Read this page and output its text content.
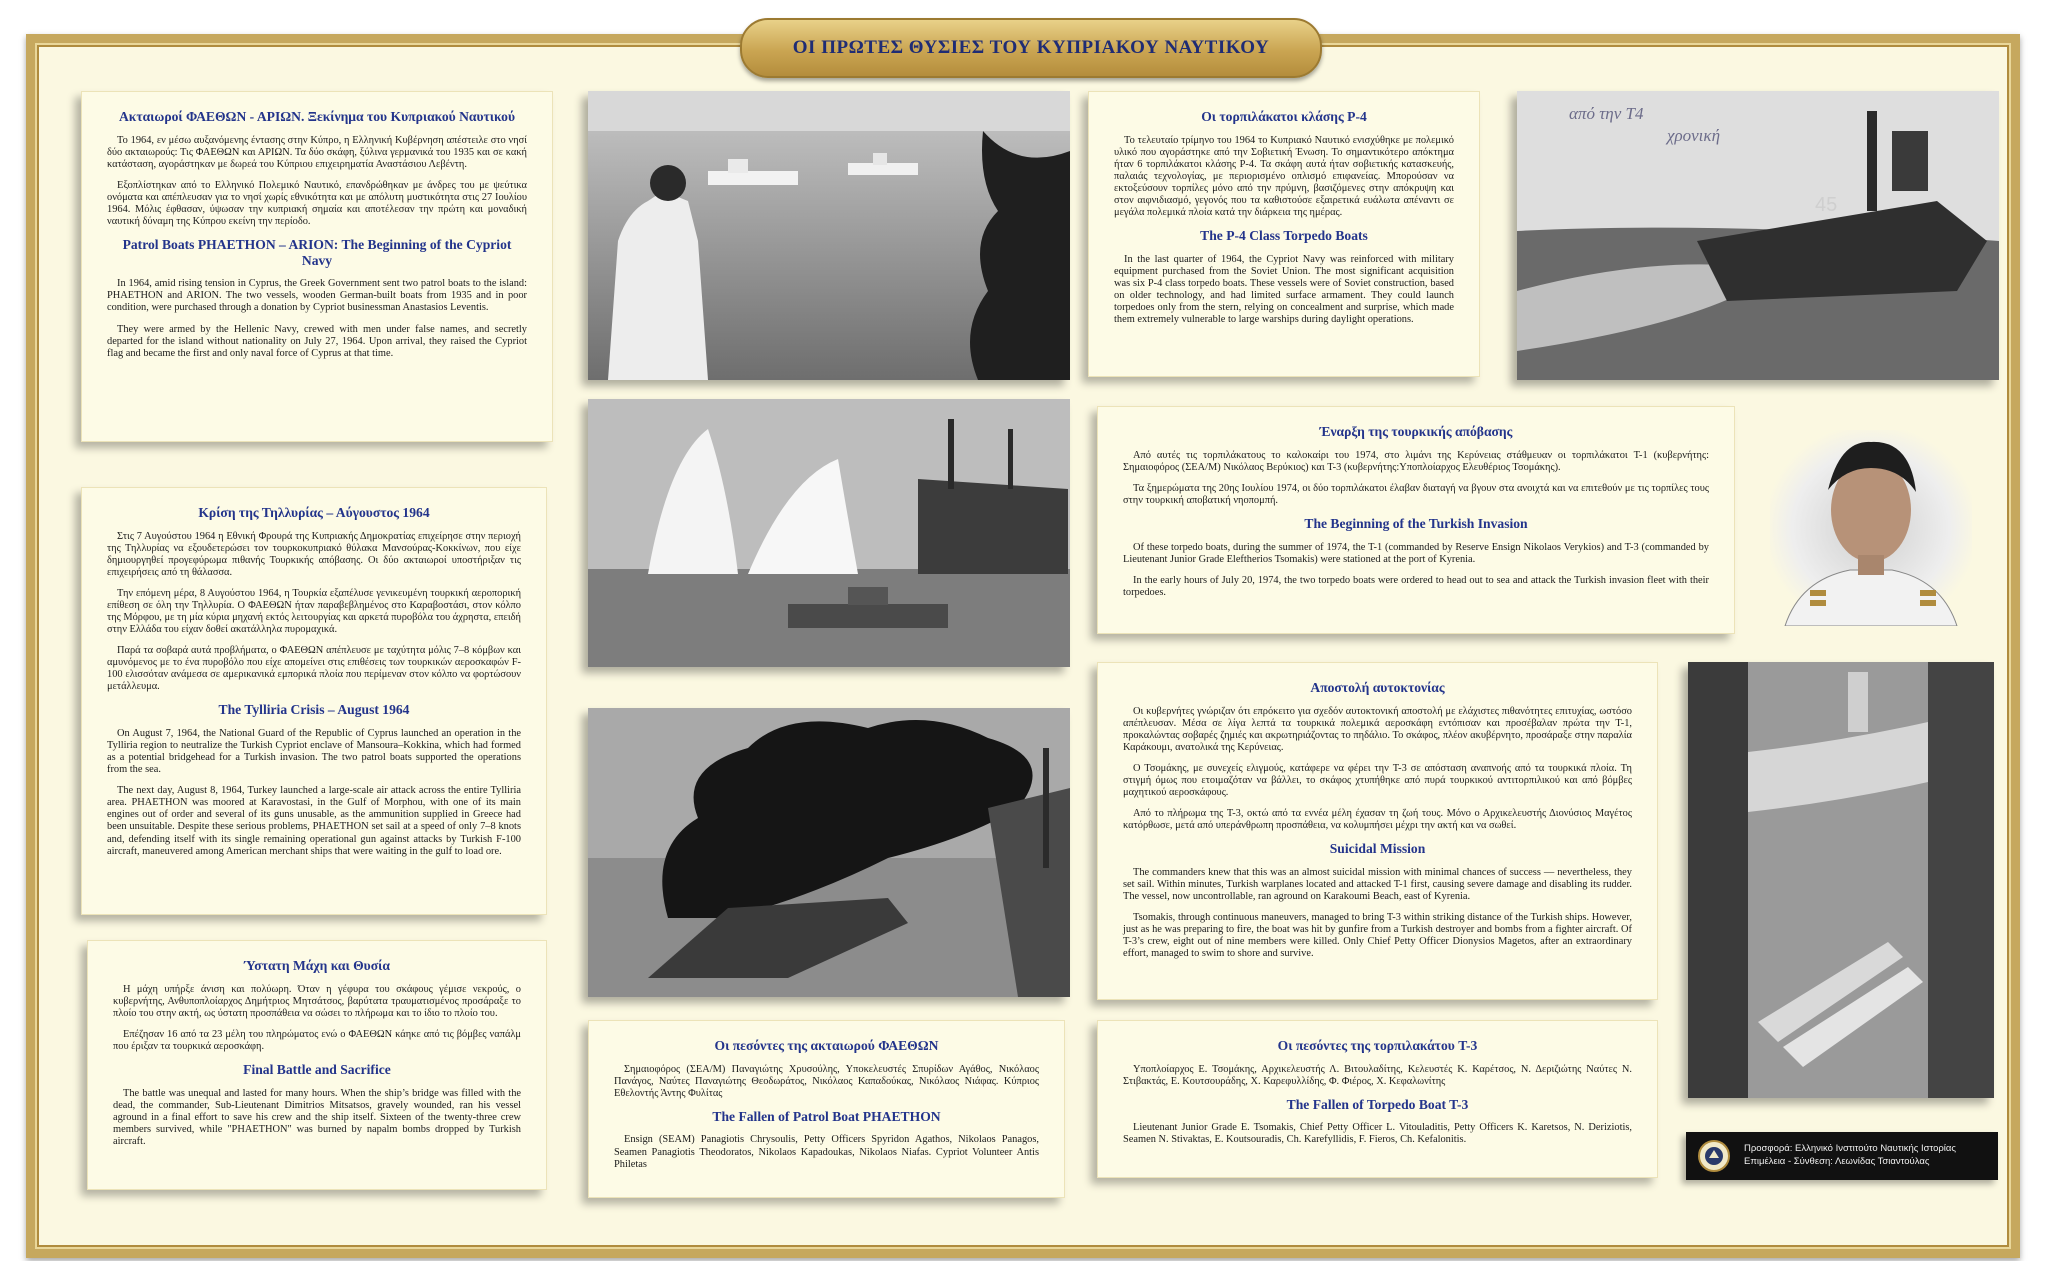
ΟΙ ΠΡΩΤΕΣ ΘΥΣΙΕΣ ΤΟΥ ΚΥΠΡΙΑΚΟΥ ΝΑΥΤΙΚΟΥ
Ακταιωροί ΦΑΕΘΩΝ - ΑΡΙΩΝ. Ξεκίνημα του Κυπριακού Ναυτικού

Το 1964, εν μέσω αυξανόμενης έντασης στην Κύπρο, η Ελληνική Κυβέρνηση απέστειλε στο νησί δύο ακταιωρούς: Τις ΦΑΕΘΩΝ και ΑΡΙΩΝ. Τα δύο σκάφη, ξύλινα γερμανικά του 1935 και σε κακή κατάσταση, αγοράστηκαν με δωρεά του Κύπριου επιχειρηματία Αναστάσιου Λεβέντη.

Εξοπλίστηκαν από το Ελληνικό Πολεμικό Ναυτικό, επανδρώθηκαν με άνδρες του με ψεύτικα ονόματα και απέπλευσαν για το νησί χωρίς εθνικότητα και με απόλυτη μυστικότητα στις 27 Ιουλίου 1964. Μόλις έφθασαν, ύψωσαν την κυπριακή σημαία και αποτέλεσαν την πρώτη και μοναδική ναυτική δύναμη της Κύπρου εκείνη την περίοδο.

Patrol Boats PHAETHON – ARION: The Beginning of the Cypriot Navy

In 1964, amid rising tension in Cyprus, the Greek Government sent two patrol boats to the island: PHAETHON and ARION. The two vessels, wooden German-built boats from 1935 and in poor condition, were purchased through a donation by Cypriot businessman Anastasios Leventis.

They were armed by the Hellenic Navy, crewed with men under false names, and secretly departed for the island without nationality on July 27, 1964. Upon arrival, they raised the Cypriot flag and became the first and only naval force of Cyprus at that time.

Κρίση της Τηλλυρίας – Αύγουστος 1964

Στις 7 Αυγούστου 1964 η Εθνική Φρουρά της Κυπριακής Δημοκρατίας επιχείρησε στην περιοχή της Τηλλυρίας να εξουδετερώσει τον τουρκοκυπριακό θύλακα Μανσούρας-Κοκκίνων, που είχε δημιουργηθεί προγεφύρωμα πιθανής Τουρκικής απόβασης. Οι δύο ακταιωροί υποστήριξαν τις επιχειρήσεις από τη θάλασσα.

Την επόμενη μέρα, 8 Αυγούστου 1964, η Τουρκία εξαπέλυσε γενικευμένη τουρκική αεροπορική επίθεση σε όλη την Τηλλυρία. Ο ΦΑΕΘΩΝ ήταν παραβεβλημένος στο Καραβοστάσι, στον κόλπο της Μόρφου, με τη μία κύρια μηχανή εκτός λειτουργίας και αρκετά πυροβόλα του άχρηστα, επειδή στην Ελλάδα του είχαν δοθεί ακατάλληλα πυρομαχικά.

Παρά τα σοβαρά αυτά προβλήματα, ο ΦΑΕΘΩΝ απέπλευσε με ταχύτητα μόλις 7–8 κόμβων και αμυνόμενος με το ένα πυροβόλο που είχε απομείνει στις επιθέσεις των τουρκικών αεροσκαφών F-100 ελισσόταν ανάμεσα σε αμερικανικά εμπορικά πλοία που περίμεναν στον κόλπο να φορτώσουν μετάλλευμα.

The Tylliria Crisis – August 1964

On August 7, 1964, the National Guard of the Republic of Cyprus launched an operation in the Tylliria region to neutralize the Turkish Cypriot enclave of Mansoura–Kokkina, which had formed as a potential bridgehead for a Turkish invasion. The two patrol boats supported the operations from the sea.

The next day, August 8, 1964, Turkey launched a large-scale air attack across the entire Tylliria area. PHAETHON was moored at Karavostasi, in the Gulf of Morphou, with one of its main engines out of order and several of its guns unusable, as the ammunition supplied in Greece had been unsuitable. Despite these serious problems, PHAETHON set sail at a speed of only 7–8 knots and, defending itself with its single remaining operational gun against attacks by Turkish F-100 aircraft, maneuvered among American merchant ships that were waiting in the gulf to load ore.

Ύστατη Μάχη και Θυσία

Η μάχη υπήρξε άνιση και πολύωρη. Όταν η γέφυρα του σκάφους γέμισε νεκρούς, ο κυβερνήτης, Ανθυποπλοίαρχος Δημήτριος Μητσάτσος, βαρύτατα τραυματισμένος προσάραξε το πλοίο του στην ακτή, ως ύστατη προσπάθεια να σώσει το πλήρωμα και το ίδιο το πλοίο του.

Επέζησαν 16 από τα 23 μέλη του πληρώματος ενώ ο ΦΑΕΘΩΝ κάηκε από τις βόμβες ναπάλμ που έριξαν τα τουρκικά αεροσκάφη.

Final Battle and Sacrifice

The battle was unequal and lasted for many hours. When the ship’s bridge was filled with the dead, the commander, Sub-Lieutenant Dimitrios Mitsatsos, gravely wounded, ran his vessel aground in a final effort to save his crew and the ship itself. Sixteen of the twenty-three crew members survived, while "PHAETHON" was burned by napalm bombs dropped by Turkish aircraft.

Οι πεσόντες της ακταιωρού ΦΑΕΘΩΝ

Σημαιοφόρος (ΣΕΑ/Μ) Παναγιώτης Χρυσούλης, Υποκελευστές Σπυρίδων Αγάθος, Νικόλαος Πανάγος, Ναύτες Παναγιώτης Θεοδωράτος, Νικόλαος Καπαδούκας, Νικόλαος Νιάφας. Κύπριος Εθελοντής Άντης Φυλίτας

The Fallen of Patrol Boat PHAETHON

Ensign (SEAM) Panagiotis Chrysoulis, Petty Officers Spyridon Agathos, Nikolaos Panagos, Seamen Panagiotis Theodoratos, Nikolaos Kapadoukas, Nikolaos Niafas. Cypriot Volunteer Antis Philetas

Οι τορπιλάκατοι κλάσης P-4

Το τελευταίο τρίμηνο του 1964 το Κυπριακό Ναυτικό ενισχύθηκε με πολεμικό υλικό που αγοράστηκε από την Σοβιετική Ένωση. Το σημαντικότερο απόκτημα ήταν 6 τορπιλάκατοι κλάσης P-4. Τα σκάφη αυτά ήταν σοβιετικής κατασκευής, παλαιάς τεχνολογίας, με περιορισμένο οπλισμό επιφανείας. Μπορούσαν να εκτοξεύσουν τορπίλες μόνο από την πρύμνη, βασιζόμενες στην απόκρυψη και στον αιφνιδιασμό, γεγονός που τα καθιστούσε εξαιρετικά ευάλωτα απέναντι σε μεγάλα πολεμικά πλοία κατά την διάρκεια της ημέρας.

The P-4 Class Torpedo Boats

In the last quarter of 1964, the Cypriot Navy was reinforced with military equipment purchased from the Soviet Union. The most significant acquisition was six P-4 class torpedo boats. These vessels were of Soviet construction, based on older technology, and had limited surface armament. They could launch torpedoes only from the stern, relying on concealment and surprise, which made them extremely vulnerable to large warships during daylight operations.

από την Τ4
χρονική
45
Έναρξη της τουρκικής απόβασης

Από αυτές τις τορπιλάκατους το καλοκαίρι του 1974, στο λιμάνι της Κερύνειας στάθμευαν οι τορπιλάκατοι T-1 (κυβερνήτης: Σημαιοφόρος (ΣΕΑ/Μ) Νικόλαος Βερύκιος) και T-3 (κυβερνήτης:Υποπλοίαρχος Ελευθέριος Τσομάκης).

Τα ξημερώματα της 20ης Ιουλίου 1974, οι δύο τορπιλάκατοι έλαβαν διαταγή να βγουν στα ανοιχτά και να επιτεθούν με τις τορπίλες τους στην τουρκική αποβατική νηοπομπή.

The Beginning of the Turkish Invasion

Of these torpedo boats, during the summer of 1974, the T-1 (commanded by Reserve Ensign Nikolaos Verykios) and T-3 (commanded by Lieutenant Junior Grade Eleftherios Tsomakis) were stationed at the port of Kyrenia.

In the early hours of July 20, 1974, the two torpedo boats were ordered to head out to sea and attack the Turkish invasion fleet with their torpedoes.

Αποστολή αυτοκτονίας

Οι κυβερνήτες γνώριζαν ότι επρόκειτο για σχεδόν αυτοκτονική αποστολή με ελάχιστες πιθανότητες επιτυχίας, ωστόσο απέπλευσαν. Μέσα σε λίγα λεπτά τα τουρκικά πολεμικά αεροσκάφη εντόπισαν και προσέβαλαν πρώτα την T-1, προκαλώντας σοβαρές ζημιές και ακρωτηριάζοντας το πηδάλιο. Το σκάφος, πλέον ακυβέρνητο, προσάραξε στην παραλία Καράκουμι, ανατολικά της Κερύνειας.

Ο Τσομάκης, με συνεχείς ελιγμούς, κατάφερε να φέρει την T-3 σε απόσταση αναπνοής από τα τουρκικά πλοία. Τη στιγμή όμως που ετοιμαζόταν να βάλλει, το σκάφος χτυπήθηκε από πυρά τουρκικού αντιτορπιλικού και από βόμβες μαχητικού αεροσκάφους.

Από το πλήρωμα της T-3, οκτώ από τα εννέα μέλη έχασαν τη ζωή τους. Μόνο ο Αρχικελευστής Διονύσιος Μαγέτος κατόρθωσε, μετά από υπεράνθρωπη προσπάθεια, να κολυμπήσει μέχρι την ακτή και να σωθεί.

Suicidal Mission

The commanders knew that this was an almost suicidal mission with minimal chances of success — nevertheless, they set sail. Within minutes, Turkish warplanes located and attacked T-1 first, causing severe damage and disabling its rudder. The vessel, now uncontrollable, ran aground on Karakoumi Beach, east of Kyrenia.

Tsomakis, through continuous maneuvers, managed to bring T-3 within striking distance of the Turkish ships. However, just as he was preparing to fire, the boat was hit by gunfire from a Turkish destroyer and bombs from a fighter aircraft. Of T-3’s crew, eight out of nine members were killed. Only Chief Petty Officer Dionysios Magetos, after an extraordinary effort, managed to swim to shore and survive.

Οι πεσόντες της τορπιλακάτου T-3

Υποπλοίαρχος Ε. Τσομάκης, Αρχικελευστής Λ. Βιτουλαδίτης, Κελευστές Κ. Καρέτσος, Ν. Δεριζιώτης Ναύτες Ν. Στιβακτάς, Ε. Κουτσουράδης, Χ. Καρεφυλλίδης, Φ. Φιέρος, Χ. Κεφαλωνίτης

The Fallen of Torpedo Boat T-3

Lieutenant Junior Grade E. Tsomakis, Chief Petty Officer L. Vitouladitis, Petty Officers K. Karetsos, N. Deriziotis, Seamen N. Stivaktas, E. Koutsouradis, Ch. Karefyllidis, F. Fieros, Ch. Kefalonitis.

Προσφορά: Ελληνικό Ινστιτούτο Ναυτικής Ιστορίας
Επιμέλεια - Σύνθεση: Λεωνίδας Τσιαντούλας
